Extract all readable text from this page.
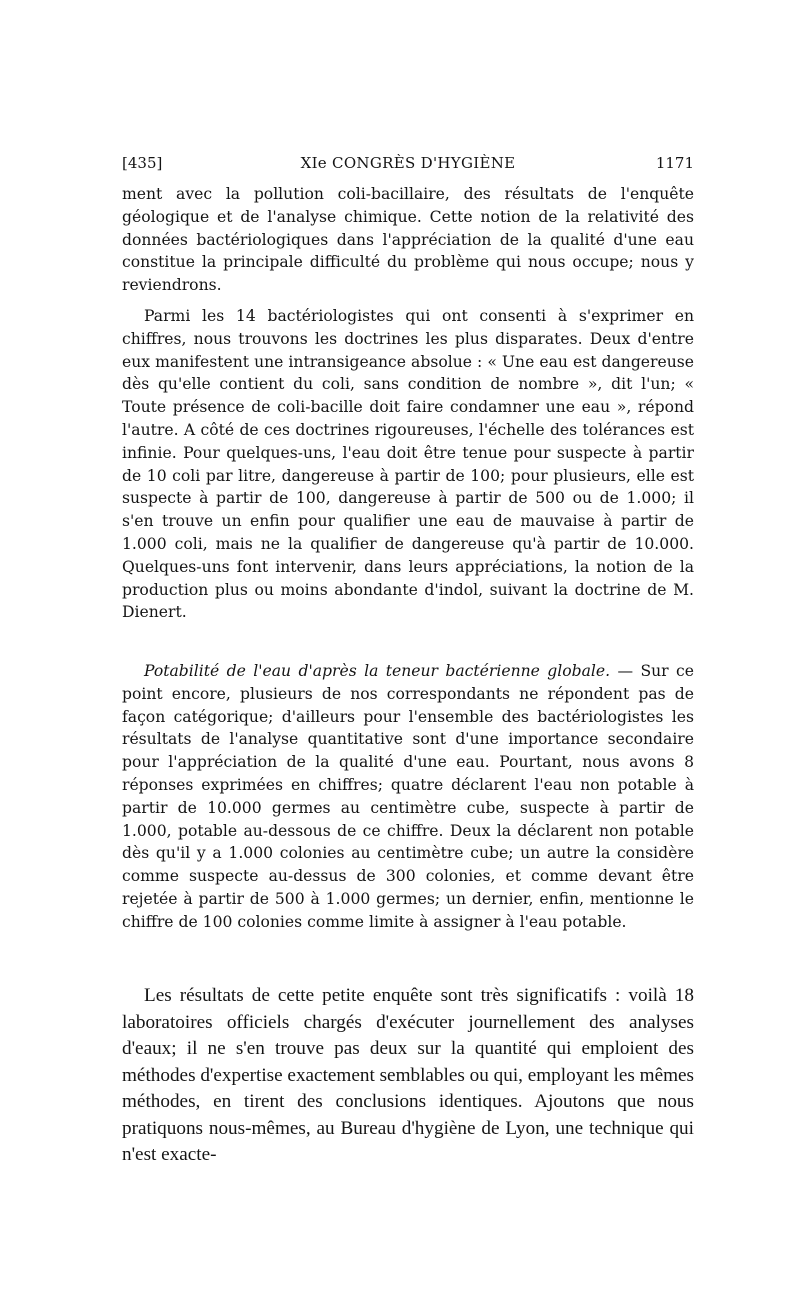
[435]	XIe CONGRÈS D'HYGIÈNE	1171
ment avec la pollution coli-bacillaire, des résultats de l'enquête géologique et de l'analyse chimique. Cette notion de la relativité des données bactériologiques dans l'appréciation de la qualité d'une eau constitue la principale difficulté du problème qui nous occupe; nous y reviendrons.
Parmi les 14 bactériologistes qui ont consenti à s'exprimer en chiffres, nous trouvons les doctrines les plus disparates. Deux d'entre eux manifestent une intransigeance absolue : « Une eau est dangereuse dès qu'elle contient du coli, sans condition de nombre », dit l'un; « Toute présence de coli-bacille doit faire condamner une eau », répond l'autre. A côté de ces doctrines rigoureuses, l'échelle des tolérances est infinie. Pour quelques-uns, l'eau doit être tenue pour suspecte à partir de 10 coli par litre, dangereuse à partir de 100; pour plusieurs, elle est suspecte à partir de 100, dangereuse à partir de 500 ou de 1.000; il s'en trouve un enfin pour qualifier une eau de mauvaise à partir de 1.000 coli, mais ne la qualifier de dangereuse qu'à partir de 10.000. Quelques-uns font intervenir, dans leurs appréciations, la notion de la production plus ou moins abondante d'indol, suivant la doctrine de M. Dienert.
Potabilité de l'eau d'après la teneur bactérienne globale. — Sur ce point encore, plusieurs de nos correspondants ne répondent pas de façon catégorique; d'ailleurs pour l'ensemble des bactériologistes les résultats de l'analyse quantitative sont d'une importance secondaire pour l'appréciation de la qualité d'une eau. Pourtant, nous avons 8 réponses exprimées en chiffres; quatre déclarent l'eau non potable à partir de 10.000 germes au centimètre cube, suspecte à partir de 1.000, potable au-dessous de ce chiffre. Deux la déclarent non potable dès qu'il y a 1.000 colonies au centimètre cube; un autre la considère comme suspecte au-dessus de 300 colonies, et comme devant être rejetée à partir de 500 à 1.000 germes; un dernier, enfin, mentionne le chiffre de 100 colonies comme limite à assigner à l'eau potable.
Les résultats de cette petite enquête sont très significatifs : voilà 18 laboratoires officiels chargés d'exécuter journellement des analyses d'eaux; il ne s'en trouve pas deux sur la quantité qui emploient des méthodes d'expertise exactement semblables ou qui, employant les mêmes méthodes, en tirent des conclusions identiques. Ajoutons que nous pratiquons nous-mêmes, au Bureau d'hygiène de Lyon, une technique qui n'est exacte-
